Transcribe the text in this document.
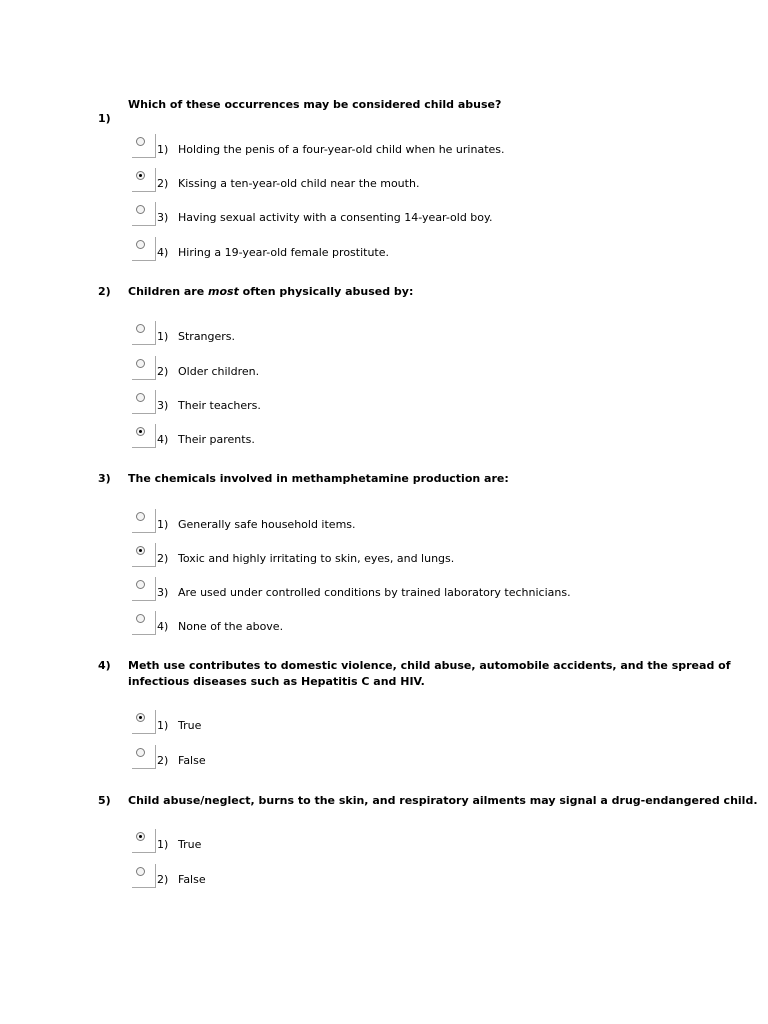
Which of these occurrences may be considered child abuse?
1)
1) Holding the penis of a four-year-old child when he urinates.
2) Kissing a ten-year-old child near the mouth.
3) Having sexual activity with a consenting 14-year-old boy.
4) Hiring a 19-year-old female prostitute.
2) Children are most often physically abused by:
1) Strangers.
2) Older children.
3) Their teachers.
4) Their parents.
3) The chemicals involved in methamphetamine production are:
1) Generally safe household items.
2) Toxic and highly irritating to skin, eyes, and lungs.
3) Are used under controlled conditions by trained laboratory technicians.
4) None of the above.
4) Meth use contributes to domestic violence, child abuse, automobile accidents, and the spread of
infectious diseases such as Hepatitis C and HIV.
1) True
2) False
5) Child abuse/neglect, burns to the skin, and respiratory ailments may signal a drug-endangered child.
1) True
2) False
